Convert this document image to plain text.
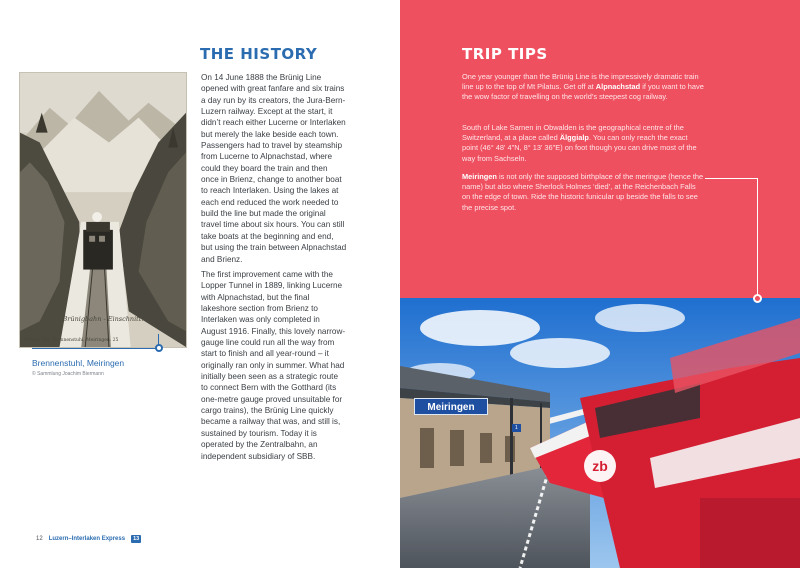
Brünigbahn - Einschnitt.
Verlag: Chr. Brennenstuhl, Meiringen. 25
Brennenstuhl, Meiringen
© Sammlung Joachim Biermann
THE HISTORY
On 14 June 1888 the Brünig Line opened with great fanfare and six trains a day run by its creators, the Jura-Bern-Luzern railway. Except at the start, it didn’t reach either Lucerne or Interlaken but merely the lake beside each town. Passengers had to travel by steamship from Lucerne to Alpnachstad, where could they board the train and then once in Brienz, change to another boat to reach Interlaken. Using the lakes at each end reduced the work needed to build the line but made the original travel time about six hours. You can still take boats at the beginning and end, but using the train between Alpnachstad and Brienz.
The first improvement came with the Lopper Tunnel in 1889, linking Lucerne with Alpnachstad, but the final lakeshore section from Brienz to Interlaken was only completed in August 1916. Finally, this lovely narrow-gauge line could run all the way from start to finish and all year-round – it originally ran only in summer. What had initially been seen as a strategic route to connect Bern with the Gotthard (its one-metre gauge proved unsuitable for cargo trains), the Brünig Line quickly became a railway that was, and still is, sustained by tourism. Today it is operated by the Zentralbahn, an independent subsidiary of SBB.
12 Luzern–Interlaken Express	13
TRIP TIPS
One year younger than the Brünig Line is the impressively dramatic train line up to the top of Mt Pilatus. Get off at Alpnachstad if you want to have the wow factor of travelling on the world’s steepest cog railway.
South of Lake Sarnen in Obwalden is the geographical centre of the Switzerland, at a place called Älggialp. You can only reach the exact point (46° 48' 4"N, 8° 13' 36"E) on foot though you can drive most of the way from Sachseln.
Meiringen is not only the supposed birthplace of the meringue (hence the name) but also where Sherlock Holmes ‘died’, at the Reichenbach Falls on the edge of town. Ride the historic funicular up beside the falls to see the precise spot.
zb
Meiringen
1
